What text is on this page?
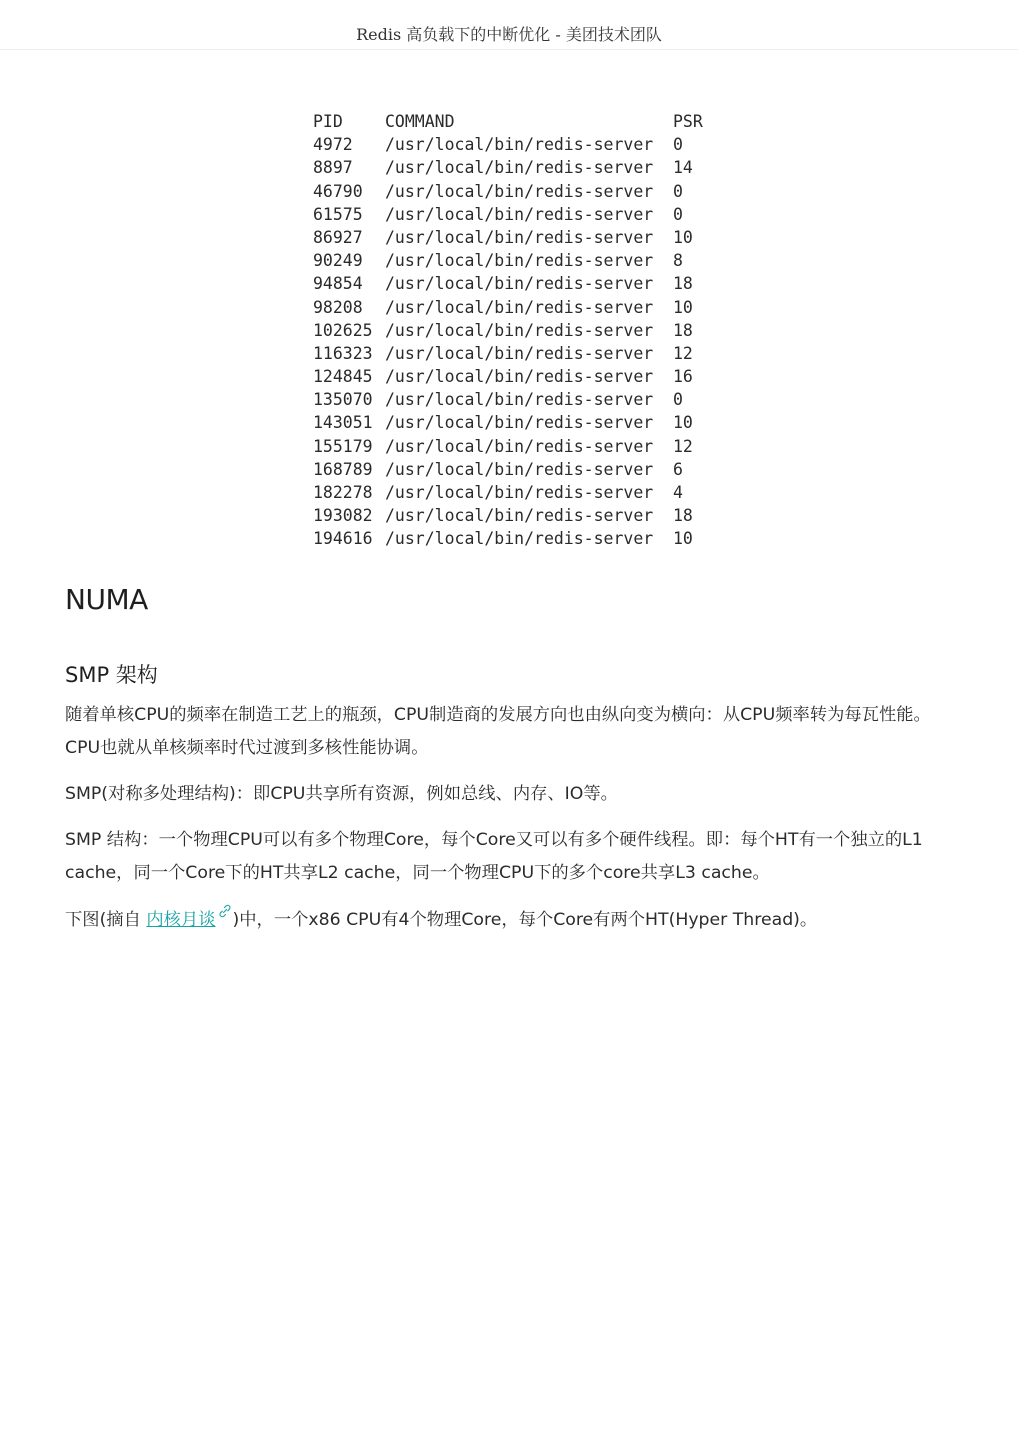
Redis 高负载下的中断优化 - 美团技术团队
PID	COMMAND	PSR
4972	/usr/local/bin/redis-server	0
8897	/usr/local/bin/redis-server	14
46790	/usr/local/bin/redis-server	0
61575	/usr/local/bin/redis-server	0
86927	/usr/local/bin/redis-server	10
90249	/usr/local/bin/redis-server	8
94854	/usr/local/bin/redis-server	18
98208	/usr/local/bin/redis-server	10
102625 /usr/local/bin/redis-server	18
116323 /usr/local/bin/redis-server	12
124845 /usr/local/bin/redis-server	16
135070 /usr/local/bin/redis-server	0
143051 /usr/local/bin/redis-server	10
155179 /usr/local/bin/redis-server	12
168789 /usr/local/bin/redis-server	6
182278 /usr/local/bin/redis-server	4
193082 /usr/local/bin/redis-server	18
194616 /usr/local/bin/redis-server	10
NUMA
SMP 架构

随着单核CPU的频率在制造工艺上的瓶颈，CPU制造商的发展方向也由纵向变为横向：从CPU频率转为每瓦性能。CPU也就从单核频率时代过渡到多核性能协调。

SMP(对称多处理结构)：即CPU共享所有资源，例如总线、内存、IO等。

SMP 结构：一个物理CPU可以有多个物理Core，每个Core又可以有多个硬件线程。即：每个HT有一个独立的L1 cache，同一个Core下的HT共享L2 cache，同一个物理CPU下的多个core共享L3 cache。

下图(摘自 内核月谈 )中，一个x86 CPU有4个物理Core，每个Core有两个HT(Hyper Thread)。
